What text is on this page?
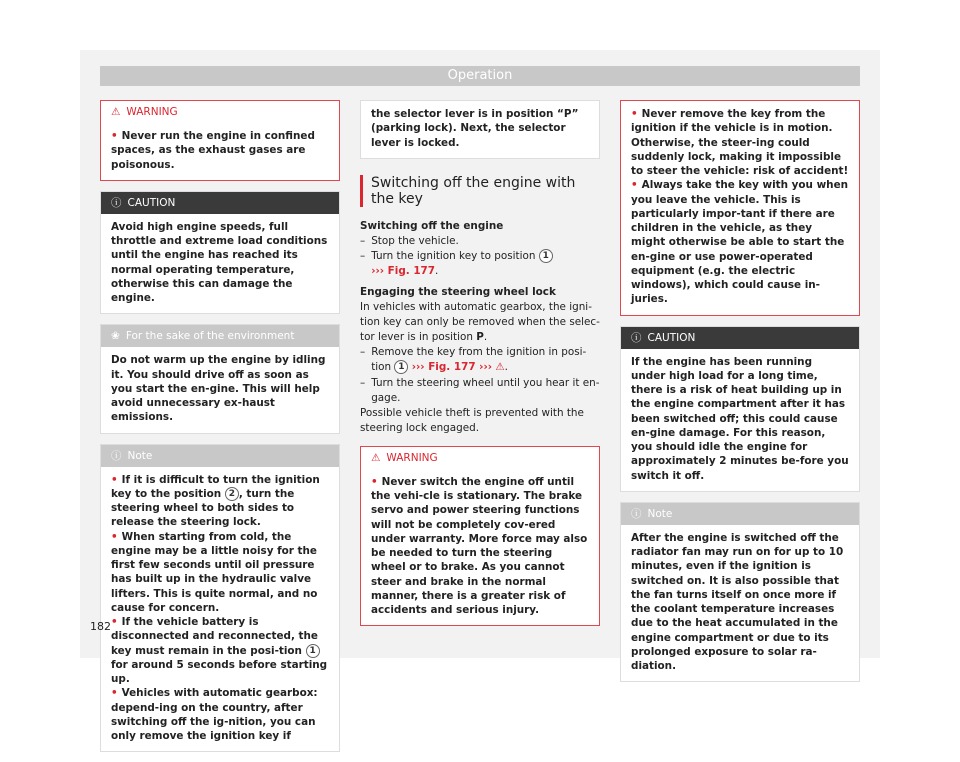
Operation
⚠ WARNING

• Never run the engine in confined spaces, as the exhaust gases are poisonous.

ⓘ CAUTION
Avoid high engine speeds, full throttle and extreme load conditions until the engine has reached its normal operating temperature, otherwise this can damage the engine.
❀ For the sake of the environment
Do not warm up the engine by idling it. You should drive off as soon as you start the en-gine. This will help avoid unnecessary ex-haust emissions.
ⓘ Note

• If it is difficult to turn the ignition key to the position 2 , turn the steering wheel to both sides to release the steering lock.

• When starting from cold, the engine may be a little noisy for the first few seconds until oil pressure has built up in the hydraulic valve lifters. This is quite normal, and no cause for concern.

• If the vehicle battery is disconnected and reconnected, the key must remain in the posi-tion 1 for around 5 seconds before starting up.

• Vehicles with automatic gearbox: depend-ing on the country, after switching off the ig-nition, you can only remove the ignition key if

the selector lever is in position “P” (parking lock). Next, the selector lever is locked.
Switching off the engine with the key

Switching off the engine

– Stop the vehicle.
– Turn the ignition key to position 1
››› Fig. 177.

Engaging the steering wheel lock

In vehicles with automatic gearbox, the igni-tion key can only be removed when the selec-tor lever is in position P.

– Remove the key from the ignition in posi-tion 1 ››› Fig. 177 ››› ⚠.
– Turn the steering wheel until you hear it en-gage.

Possible vehicle theft is prevented with the steering lock engaged.

⚠ WARNING

• Never switch the engine off until the vehi-cle is stationary. The brake servo and power steering functions will not be completely cov-ered under warranty. More force may also be needed to turn the steering wheel or to brake. As you cannot steer and brake in the normal manner, there is a greater risk of accidents and serious injury.

• Never remove the key from the ignition if the vehicle is in motion. Otherwise, the steer-ing could suddenly lock, making it impossible to steer the vehicle: risk of accident!

• Always take the key with you when you leave the vehicle. This is particularly impor-tant if there are children in the vehicle, as they might otherwise be able to start the en-gine or use power-operated equipment (e.g. the electric windows), which could cause in-juries.

ⓘ CAUTION
If the engine has been running under high load for a long time, there is a risk of heat building up in the engine compartment after it has been switched off; this could cause en-gine damage. For this reason, you should idle the engine for approximately 2 minutes be-fore you switch it off.
ⓘ Note
After the engine is switched off the radiator fan may run on for up to 10 minutes, even if the ignition is switched on. It is also possible that the fan turns itself on once more if the coolant temperature increases due to the heat accumulated in the engine compartment or due to its prolonged exposure to solar ra-diation.
182
